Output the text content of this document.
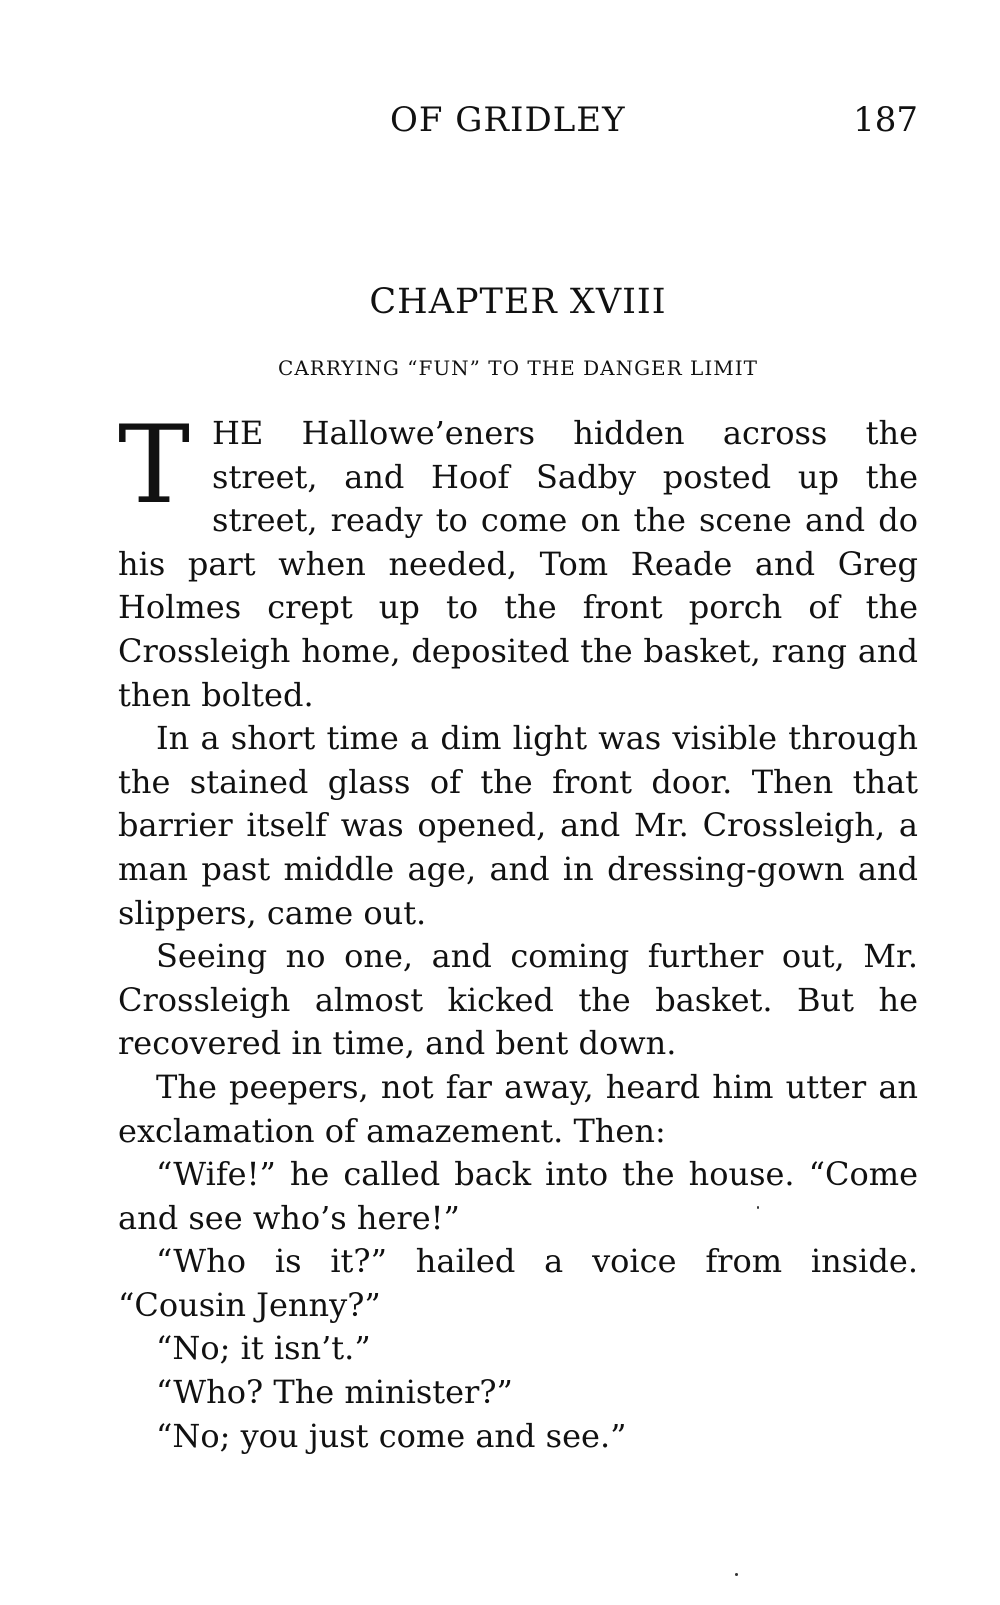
OF GRIDLEY	187
CHAPTER XVIII
CARRYING “FUN” TO THE DANGER LIMIT

THE Hallowe’eners hidden across the street, and Hoof Sadby posted up the street, ready to come on the scene and do his part when needed, Tom Reade and Greg Holmes crept up to the front porch of the Crossleigh home, deposited the basket, rang and then bolted.

In a short time a dim light was visible through the stained glass of the front door. Then that barrier itself was opened, and Mr. Crossleigh, a man past middle age, and in dressing-gown and slippers, came out.

Seeing no one, and coming further out, Mr. Crossleigh almost kicked the basket. But he recovered in time, and bent down.

The peepers, not far away, heard him utter an exclamation of amazement. Then:

“Wife!” he called back into the house. “Come and see who’s here!”

“Who is it?” hailed a voice from inside. “Cousin Jenny?”

“No; it isn’t.”

“Who? The minister?”

“No; you just come and see.”
